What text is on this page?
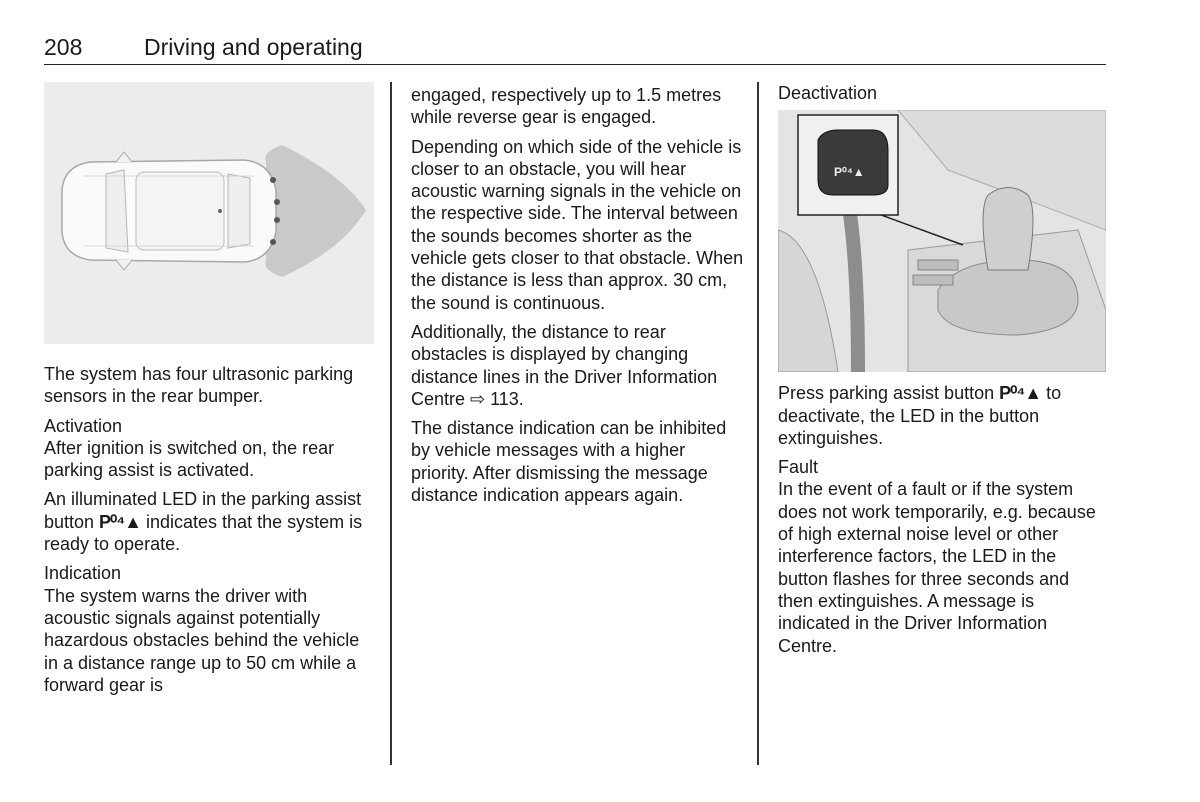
208	Driving and operating

The system has four ultrasonic parking sensors in the rear bumper.

Activation

After ignition is switched on, the rear parking assist is activated.

An illuminated LED in the parking assist button P⁰⁴▲ indicates that the system is ready to operate.

Indication

The system warns the driver with acoustic signals against potentially hazardous obstacles behind the vehicle in a distance range up to 50 cm while a forward gear is

engaged, respectively up to 1.5 metres while reverse gear is engaged.

Depending on which side of the vehicle is closer to an obstacle, you will hear acoustic warning signals in the vehicle on the respective side. The interval between the sounds becomes shorter as the vehicle gets closer to that obstacle. When the distance is less than approx. 30 cm, the sound is continuous.

Additionally, the distance to rear obstacles is displayed by changing distance lines in the Driver Information Centre ⇨ 113.

The distance indication can be inhibited by vehicle messages with a higher priority. After dismissing the message distance indication appears again.

Deactivation
P⁰⁴▲

Press parking assist button P⁰⁴▲ to deactivate, the LED in the button extinguishes.

Fault

In the event of a fault or if the system does not work temporarily, e.g. because of high external noise level or other interference factors, the LED in the button flashes for three seconds and then extinguishes. A message is indicated in the Driver Information Centre.
